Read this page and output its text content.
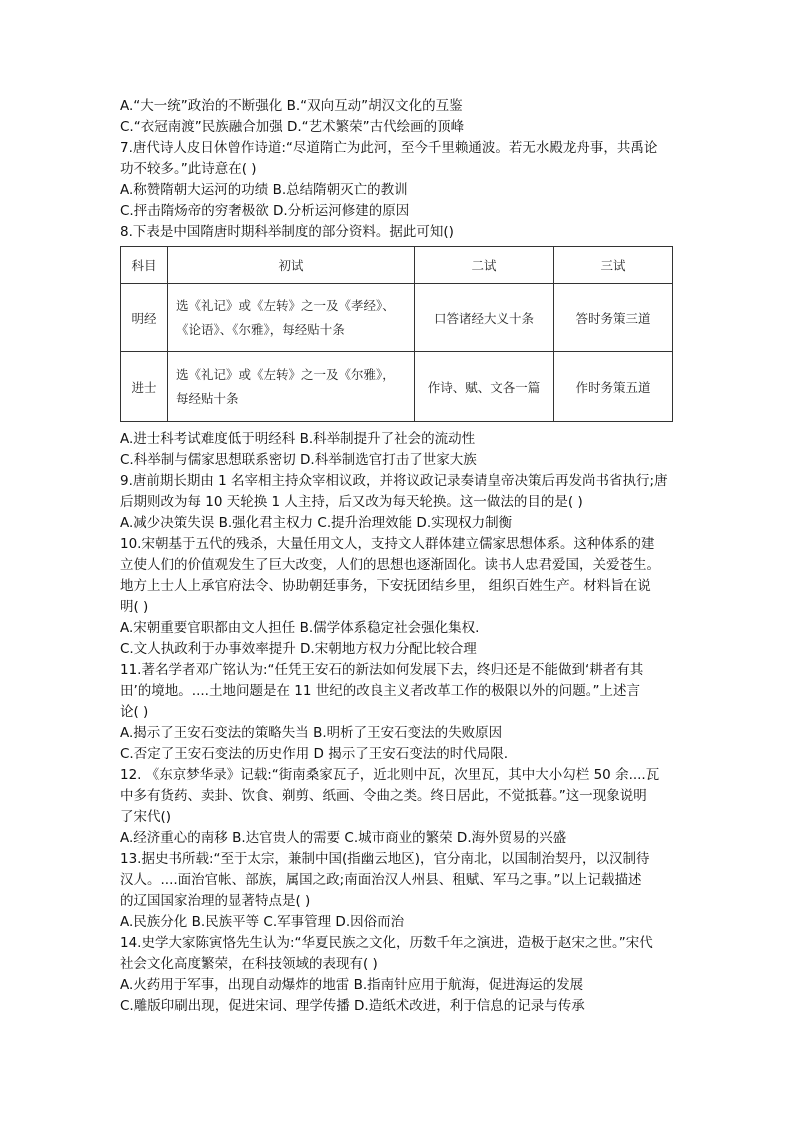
A.“大一统”政治的不断强化 B.“双向互动”胡汉文化的互鉴
C.“衣冠南渡”民族融合加强 D.“艺术繁荣”古代绘画的顶峰
7.唐代诗人皮日休曾作诗道:“尽道隋亡为此河，至今千里赖通波。若无水殿龙舟事，共禹论
功不较多。”此诗意在( )
A.称赞隋朝大运河的功绩 B.总结隋朝灭亡的教训
C.抨击隋炀帝的穷奢极欲 D.分析运河修建的原因
8.下表是中国隋唐时期科举制度的部分资料。据此可知()
科目	初试	二试	三试
明经	选《礼记》或《左转》之一及《孝经》、
《论语》、《尔雅》，每经贴十条	口答诸经大义十条	答时务策三道
进士	选《礼记》或《左转》之一及《尔雅》，
每经贴十条	作诗、赋、文各一篇	作时务策五道
A.进士科考试难度低于明经科 B.科举制提升了社会的流动性
C.科举制与儒家思想联系密切 D.科举制选官打击了世家大族
9.唐前期长期由 1 名宰相主持众宰相议政，并将议政记录奏请皇帝决策后再发尚书省执行;唐
后期则改为每 10 天轮换 1 人主持，后又改为每天轮换。这一做法的目的是( )
A.减少决策失误 B.强化君主权力 C.提升治理效能 D.实现权力制衡
10.宋朝基于五代的残杀，大量任用文人，支持文人群体建立儒家思想体系。这种体系的建
立使人们的价值观发生了巨大改变，人们的思想也逐渐固化。读书人忠君爱国，关爱苍生。
地方上士人上承官府法令、协助朝廷事务，下安抚团结乡里， 组织百姓生产。材料旨在说
明( )
A.宋朝重要官职都由文人担任 B.儒学体系稳定社会强化集权.
C.文人执政利于办事效率提升 D.宋朝地方权力分配比较合理
11.著名学者邓广铭认为:“任凭王安石的新法如何发展下去，终归还是不能做到‘耕者有其
田’的境地。....土地问题是在 11 世纪的改良主义者改革工作的极限以外的问题。”上述言
论( )
A.揭示了王安石变法的策略失当 B.明析了王安石变法的失败原因
C.否定了王安石变法的历史作用 D 揭示了王安石变法的时代局限.
12. 《东京梦华录》记载:“街南桑家瓦子，近北则中瓦，次里瓦，其中大小勾栏 50 余....瓦
中多有货药、卖卦、饮食、剃剪、纸画、令曲之类。终日居此，不觉抵暮。”这一现象说明
了宋代()
A.经济重心的南移 B.达官贵人的需要 C.城市商业的繁荣 D.海外贸易的兴盛
13.据史书所载:“至于太宗，兼制中国(指幽云地区)，官分南北，以国制治契丹，以汉制待
汉人。....面治官帐、部族，属国之政;南面治汉人州县、租赋、军马之事。”以上记载描述
的辽国国家治理的显著特点是( )
A.民族分化 B.民族平等 C.军事管理 D.因俗而治
14.史学大家陈寅恪先生认为:“华夏民族之文化，历数千年之演进，造极于赵宋之世。”宋代
社会文化高度繁荣，在科技领域的表现有( )
A.火药用于军事，出现自动爆炸的地雷 B.指南针应用于航海，促进海运的发展
C.雕版印刷出现，促进宋词、理学传播 D.造纸术改进，利于信息的记录与传承
